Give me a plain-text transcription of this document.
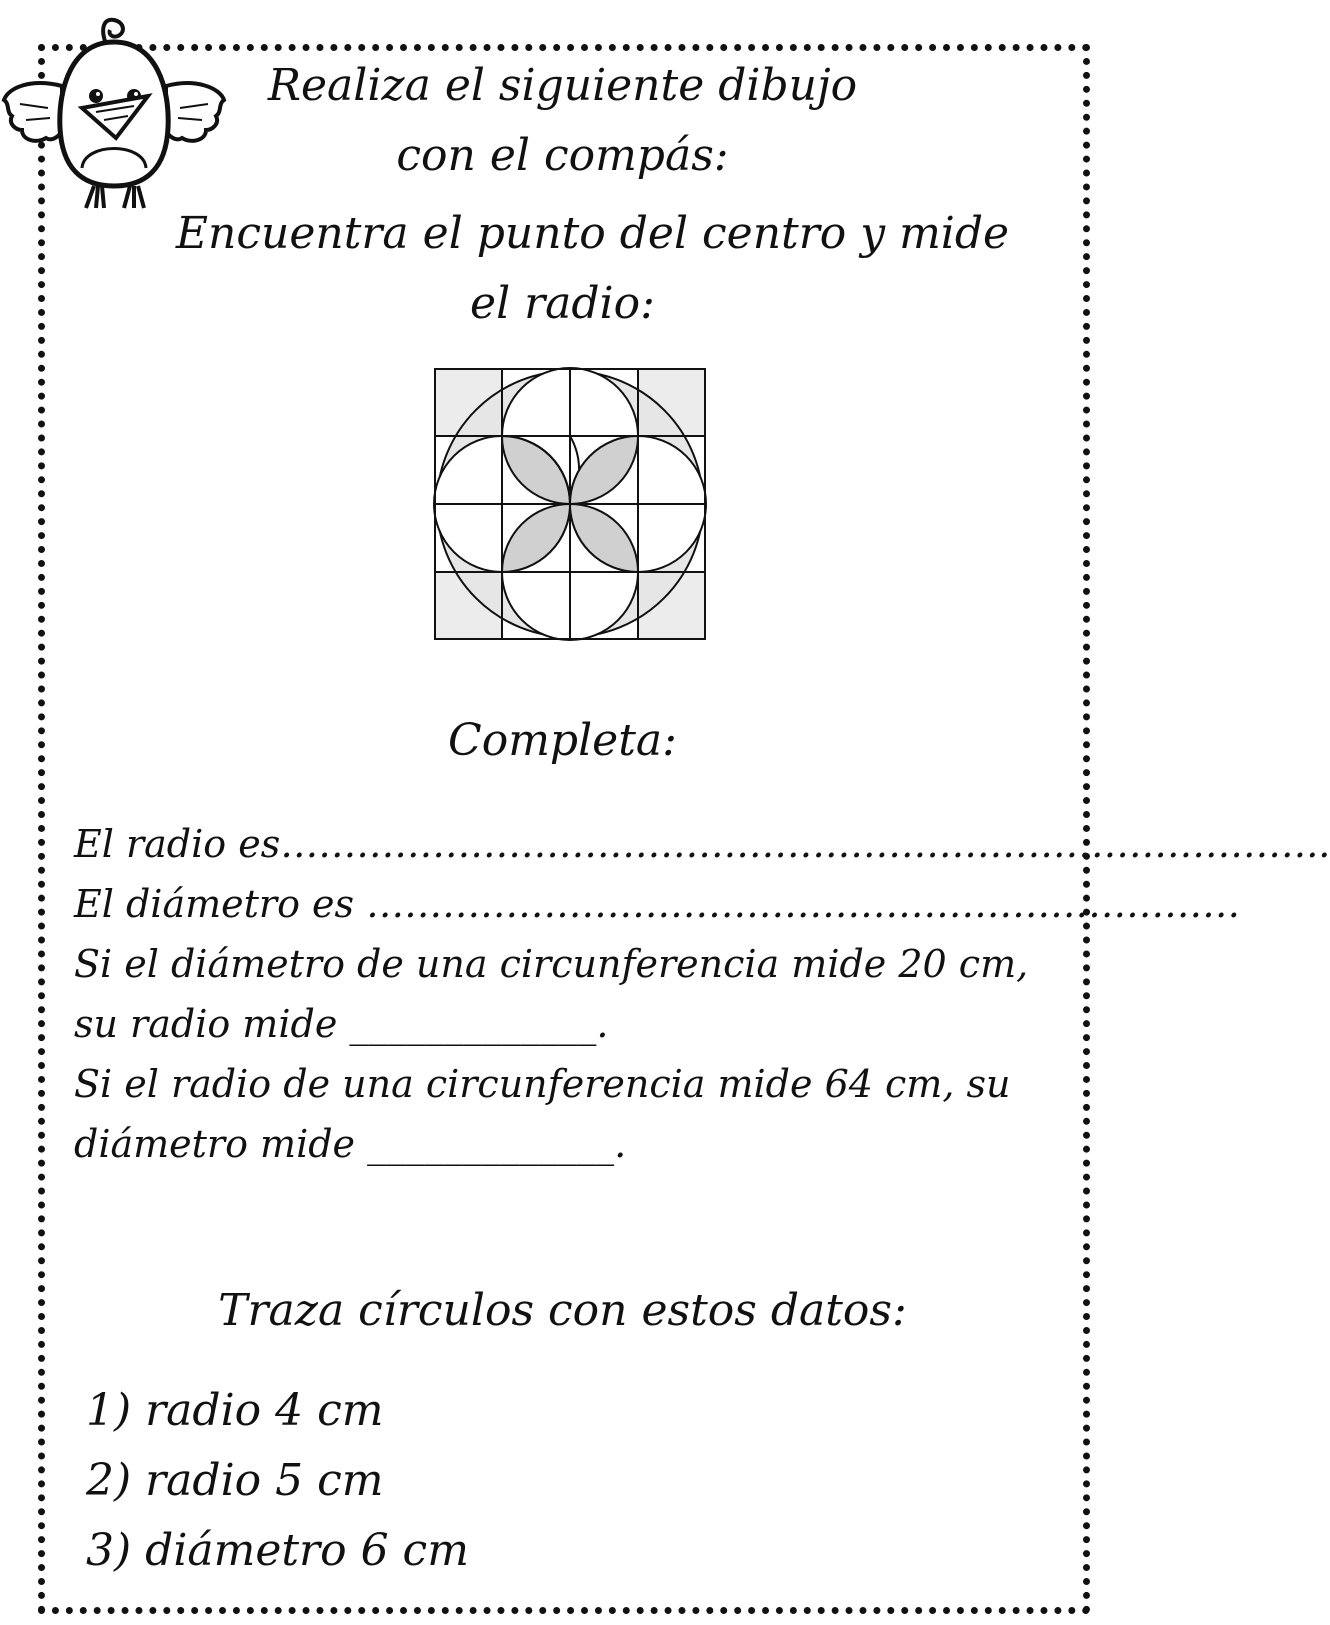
Realiza el siguiente dibujo
con el compás:
Encuentra el punto del centro y mide
el radio:
Completa:
El radio es………………………………………………………………………..
El diámetro es ……………………………………………………………
Si el diámetro de una circunferencia mide 20 cm,
su radio mide _____________.
Si el radio de una circunferencia mide 64 cm, su
diámetro mide _____________.
Traza círculos con estos datos:
1) radio 4 cm
2) radio 5 cm
3) diámetro 6 cm
